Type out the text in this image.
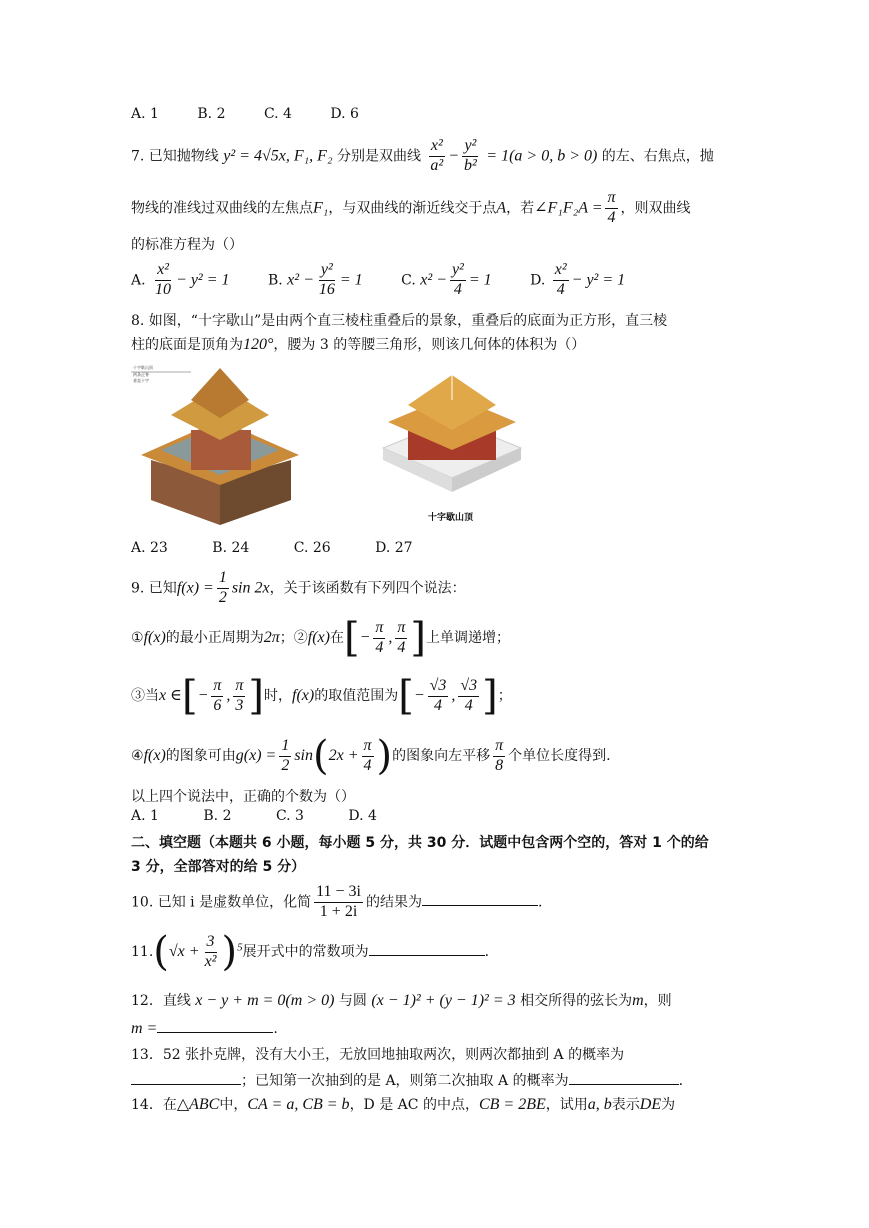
A. 1	B. 2	C. 4	D. 6
7. 已知抛物线 y² = 4√5x, F₁, F₂ 分别是双曲线 $\frac{\text{x²}}{\text{a²}} - \frac{\text{y²}}{\text{b²}} = 1(a > 0$, b > 0) 的左、右焦点，抛
物线的准线过双曲线的左焦点F₁，与双曲线的渐近线交于点A，若∠F₁F₂A = $\frac{\pi}{4}$ ，则双曲线
的标准方程为（）
A. $\frac{\text{x²}}{10} - y^2 = 1$	B. $x^2 - \frac{\text{y²}}{16} = 1$	C. $x^2 - \frac{\text{y²}}{4} = 1$	D. $\frac{\text{x²}}{4} - y^2 = 1$
8. 如图，“十字歇山”是由两个直三棱柱重叠后的景象，重叠后的底面为正方形，直三棱
柱的底面是顶角为120°，腰为 3 的等腰三角形，则该几何体的体积为（）
十字歇山顶
两条正脊
垂直十字
十字歇山顶
A. 23	B. 24	C. 26	D. 27
9. 已知$f(x) = \frac{1}{2}$ sin 2x，关于该函数有下列四个说法：
①f(x)的最小正周期为2π；②f(x)在[− $\frac{\pi}{4}$ , $\frac{\pi}{4}$ ]上单调递增；
③当x ∈[− $\frac{\pi}{6}$ , $\frac{\pi}{3}$ ]时，f(x)的取值范围为[− $\frac{√3}{4}$ , $\frac{√3}{4}$ ]；
④f(x)的图象可由$g(x) = \frac{1}{2} \sin(2x + \frac{\pi}{4}$ )的图象向左平移 $\frac{\pi}{8}$ 个单位长度得到.
以上四个说法中，正确的个数为（）
A. 1	B. 2	C. 3	D. 4
二、填空题（本题共 6 小题，每小题 5 分，共 30 分．试题中包含两个空的，答对 1 个的给
3 分，全部答对的给 5 分）
10. 已知 i 是虚数单位，化简 $\frac{11 - 3i}{1 + 2i}$ 的结果为	.
$11.(√x + \frac{3}{\text{x²}} )^5$展开式中的常数项为	.
12．直线 x − y + m = 0(m > 0) 与圆 (x − 1)² + (y − 1)² = 3 相交所得的弦长为m，则
m =	.
13．52 张扑克牌，没有大小王，无放回地抽取两次，则两次都抽到 A 的概率为
；已知第一次抽到的是 A，则第二次抽取 A 的概率为	.
14．在△ABC中，CA = a, CB = b，D 是 AC 的中点，CB = 2BE，试用a, b表示DE为
